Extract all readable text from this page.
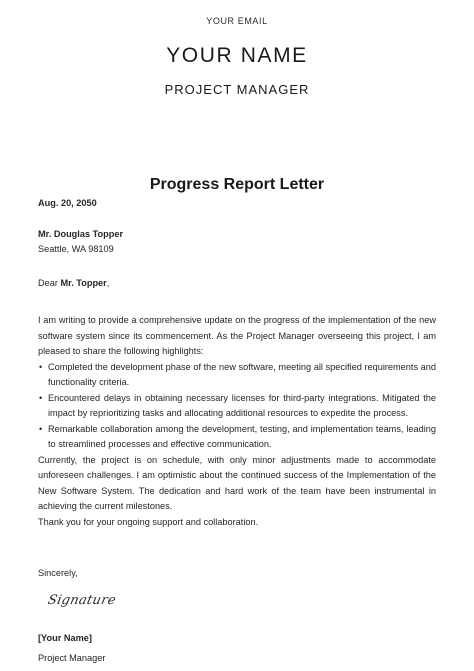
YOUR EMAIL
YOUR NAME
PROJECT MANAGER
Progress Report Letter
Aug. 20, 2050
Mr. Douglas Topper
Seattle, WA 98109
Dear Mr. Topper,
I am writing to provide a comprehensive update on the progress of the implementation of the new software system since its commencement. As the Project Manager overseeing this project, I am pleased to share the following highlights:
• Completed the development phase of the new software, meeting all specified requirements and functionality criteria.
• Encountered delays in obtaining necessary licenses for third-party integrations. Mitigated the impact by reprioritizing tasks and allocating additional resources to expedite the process.
• Remarkable collaboration among the development, testing, and implementation teams, leading to streamlined processes and effective communication.
Currently, the project is on schedule, with only minor adjustments made to accommodate unforeseen challenges. I am optimistic about the continued success of the Implementation of the New Software System. The dedication and hard work of the team have been instrumental in achieving the current milestones.
Thank you for your ongoing support and collaboration.
Sincerely,
Signature
[Your Name]
Project Manager
